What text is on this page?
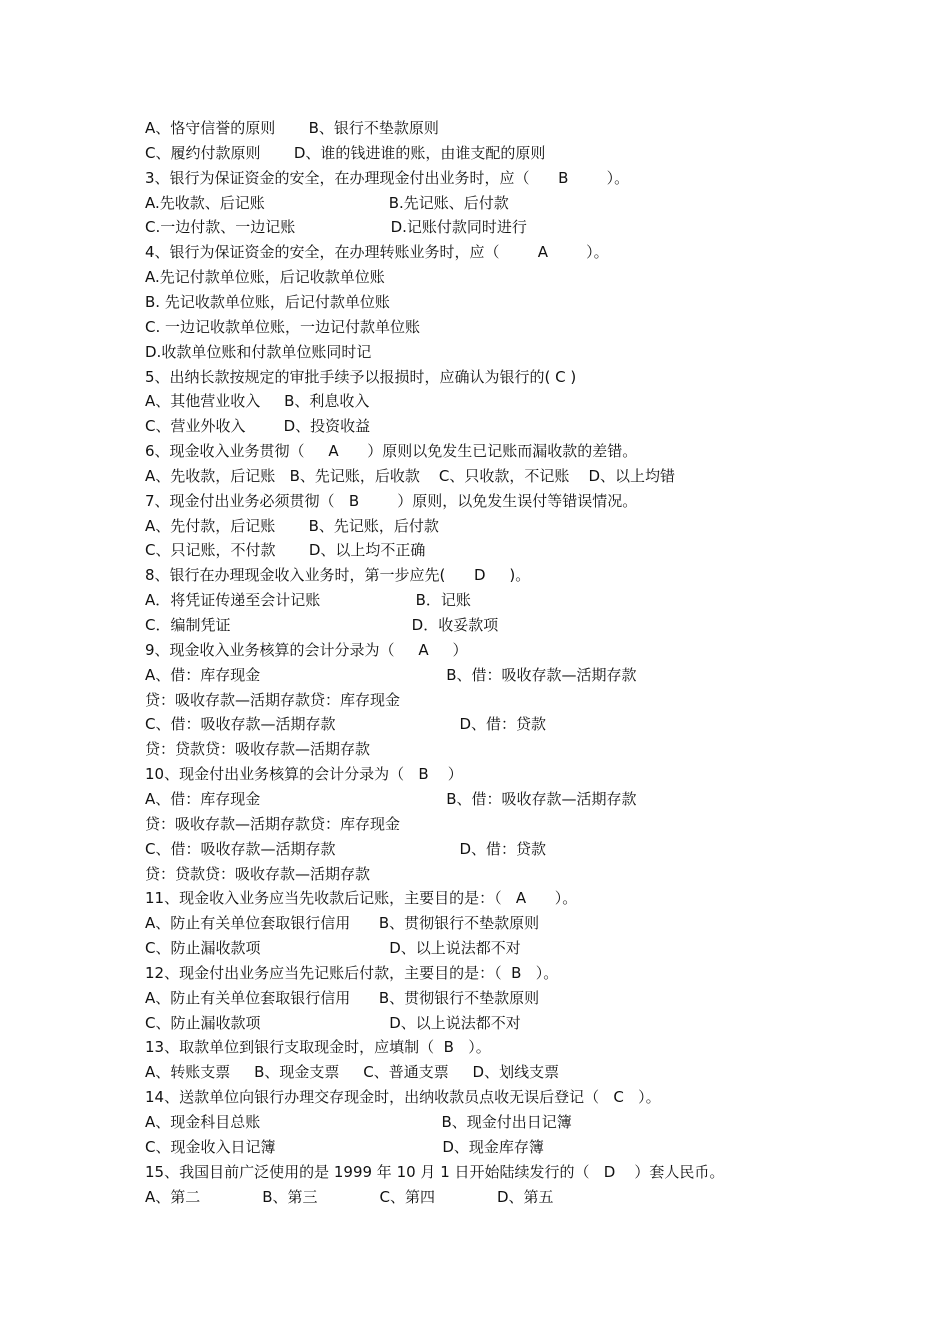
A、恪守信誉的原则       B、银行不垫款原则
C、履约付款原则       D、谁的钱进谁的账，由谁支配的原则
3、银行为保证资金的安全，在办理现金付出业务时，应（      B        ）。
A.先收款、后记账                          B.先记账、后付款
C.一边付款、一边记账                    D.记账付款同时进行
4、银行为保证资金的安全，在办理转账业务时，应（        A        ）。
A.先记付款单位账，后记收款单位账
B. 先记收款单位账，后记付款单位账
C. 一边记收款单位账，一边记付款单位账
D.收款单位账和付款单位账同时记
5、出纳长款按规定的审批手续予以报损时，应确认为银行的( C )
A、其他营业收入     B、利息收入
C、营业外收入        D、投资收益
6、现金收入业务贯彻（     A      ）原则以免发生已记账而漏收款的差错。
A、先收款，后记账   B、先记账，后收款    C、只收款，不记账    D、以上均错
7、现金付出业务必须贯彻（   B        ）原则，以免发生误付等错误情况。
A、先付款，后记账       B、先记账，后付款
C、只记账，不付款       D、以上均不正确
8、银行在办理现金收入业务时，第一步应先(      D     )。
A．将凭证传递至会计记账                    B．记账
C．编制凭证                                      D．收妥款项
9、现金收入业务核算的会计分录为（     A     ）
A、借：库存现金                                       B、借：吸收存款—活期存款
贷：吸收存款—活期存款贷：库存现金
C、借：吸收存款—活期存款                          D、借：贷款
贷：贷款贷：吸收存款—活期存款
10、现金付出业务核算的会计分录为（   B    ）
A、借：库存现金                                       B、借：吸收存款—活期存款
贷：吸收存款—活期存款贷：库存现金
C、借：吸收存款—活期存款                          D、借：贷款
贷：贷款贷：吸收存款—活期存款
11、现金收入业务应当先收款后记账，主要目的是：（   A      ）。
A、防止有关单位套取银行信用      B、贯彻银行不垫款原则
C、防止漏收款项                           D、以上说法都不对
12、现金付出业务应当先记账后付款，主要目的是：（  B   ）。
A、防止有关单位套取银行信用      B、贯彻银行不垫款原则
C、防止漏收款项                           D、以上说法都不对
13、取款单位到银行支取现金时，应填制（  B   ）。
A、转账支票     B、现金支票     C、普通支票     D、划线支票
14、送款单位向银行办理交存现金时，出纳收款员点收无误后登记（   C   ）。
A、现金科目总账                                      B、现金付出日记簿
C、现金收入日记簿                                   D、现金库存簿
15、我国目前广泛使用的是 1999 年 10 月 1 日开始陆续发行的（   D    ）套人民币。
A、第二             B、第三             C、第四             D、第五
